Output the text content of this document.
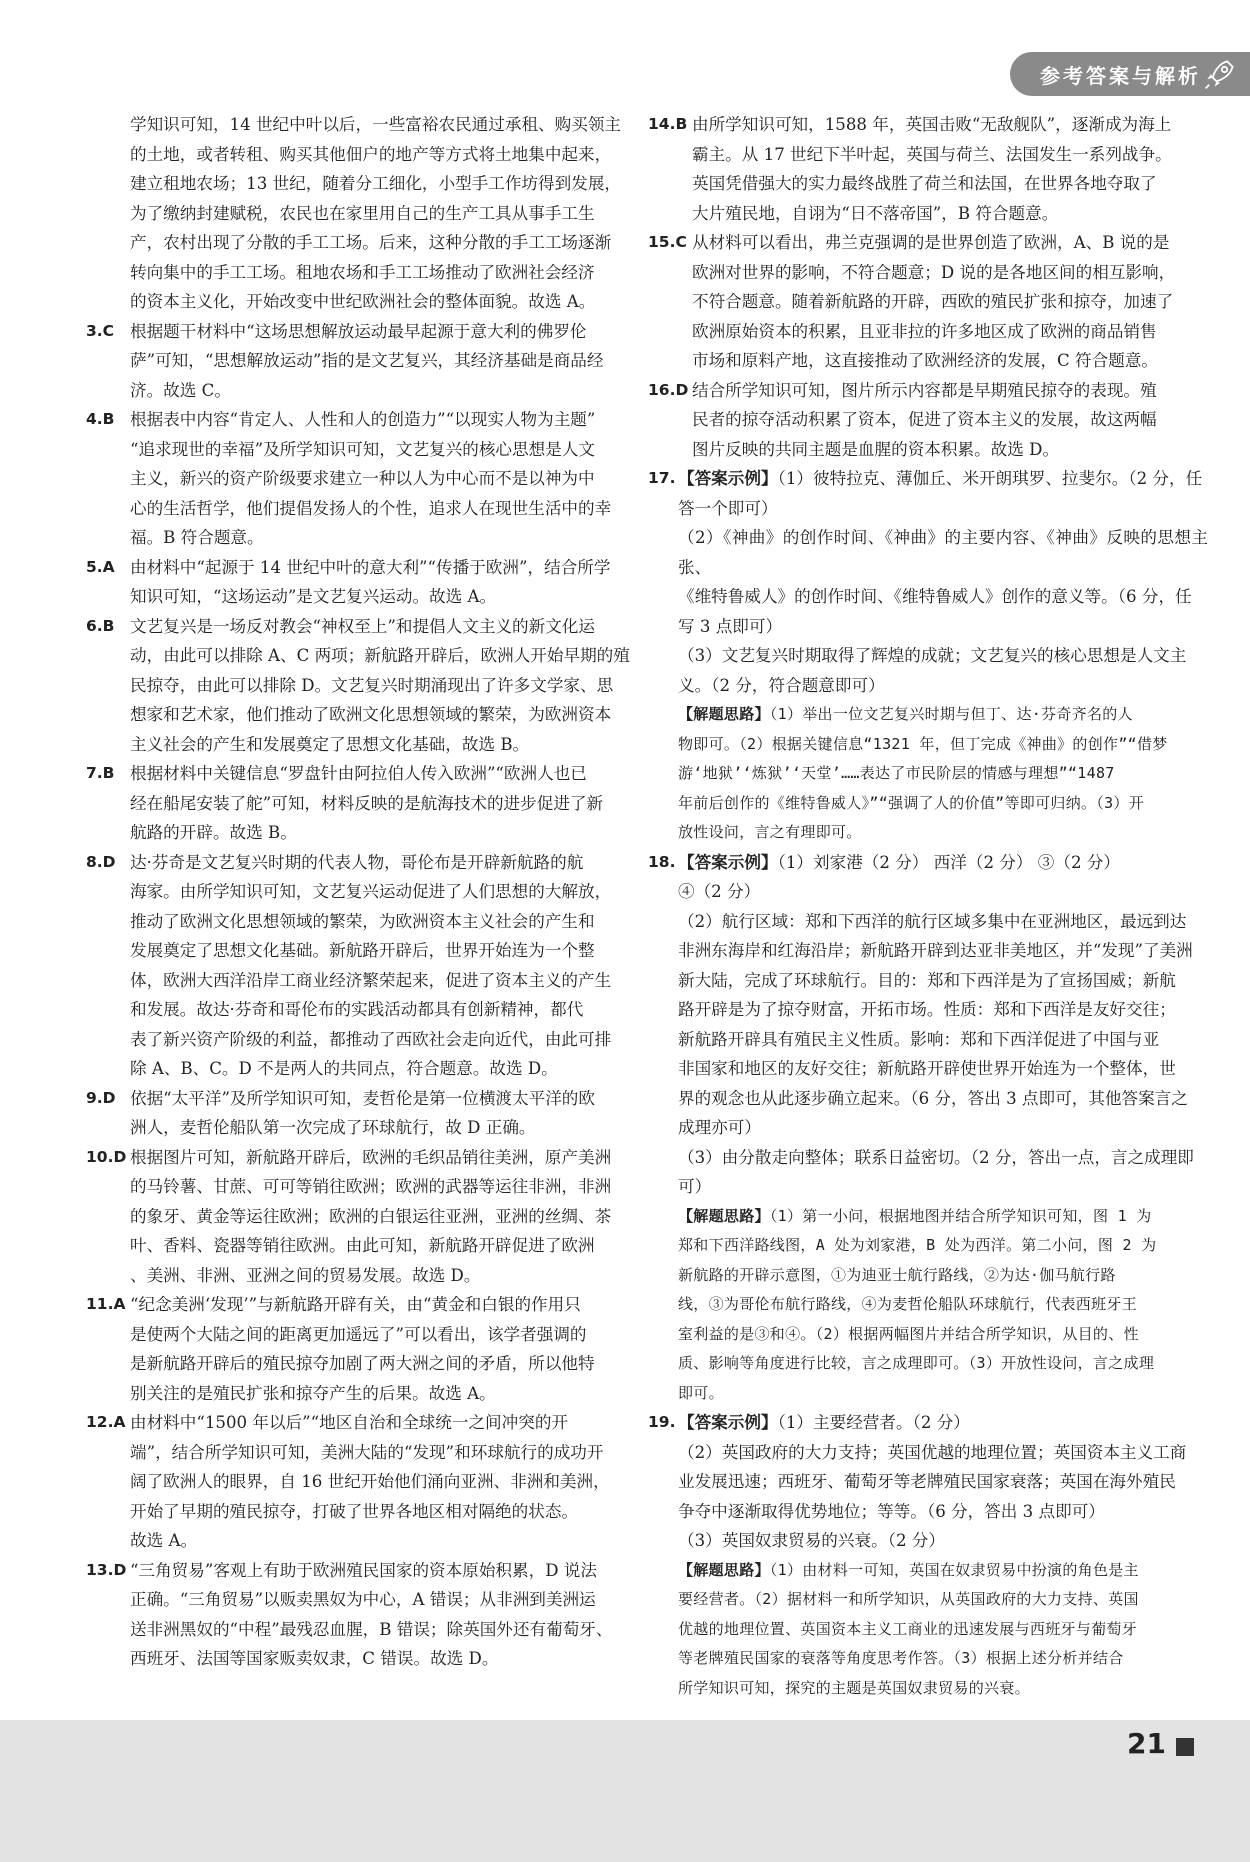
参考答案与解析
学知识可知，14 世纪中叶以后，一些富裕农民通过承租、购买领主
的土地，或者转租、购买其他佃户的地产等方式将土地集中起来，
建立租地农场；13 世纪，随着分工细化，小型手工作坊得到发展，
为了缴纳封建赋税，农民也在家里用自己的生产工具从事手工生
产，农村出现了分散的手工工场。后来，这种分散的手工工场逐渐
转向集中的手工工场。租地农场和手工工场推动了欧洲社会经济
的资本主义化，开始改变中世纪欧洲社会的整体面貌。故选 A。
3.C 根据题干材料中“这场思想解放运动最早起源于意大利的佛罗伦
萨”可知，“思想解放运动”指的是文艺复兴，其经济基础是商品经
济。故选 C。
4.B 根据表中内容“肯定人、人性和人的创造力”“以现实人物为主题”
“追求现世的幸福”及所学知识可知，文艺复兴的核心思想是人文
主义，新兴的资产阶级要求建立一种以人为中心而不是以神为中
心的生活哲学，他们提倡发扬人的个性，追求人在现世生活中的幸
福。B 符合题意。
5.A 由材料中“起源于 14 世纪中叶的意大利”“传播于欧洲”，结合所学
知识可知，“这场运动”是文艺复兴运动。故选 A。
6.B 文艺复兴是一场反对教会“神权至上”和提倡人文主义的新文化运
动，由此可以排除 A、C 两项；新航路开辟后，欧洲人开始早期的殖
民掠夺，由此可以排除 D。文艺复兴时期涌现出了许多文学家、思
想家和艺术家，他们推动了欧洲文化思想领域的繁荣，为欧洲资本
主义社会的产生和发展奠定了思想文化基础，故选 B。
7.B 根据材料中关键信息“罗盘针由阿拉伯人传入欧洲”“欧洲人也已
经在船尾安装了舵”可知，材料反映的是航海技术的进步促进了新
航路的开辟。故选 B。
8.D 达·芬奇是文艺复兴时期的代表人物，哥伦布是开辟新航路的航
海家。由所学知识可知，文艺复兴运动促进了人们思想的大解放，
推动了欧洲文化思想领域的繁荣，为欧洲资本主义社会的产生和
发展奠定了思想文化基础。新航路开辟后，世界开始连为一个整
体，欧洲大西洋沿岸工商业经济繁荣起来，促进了资本主义的产生
和发展。故达·芬奇和哥伦布的实践活动都具有创新精神，都代
表了新兴资产阶级的利益，都推动了西欧社会走向近代，由此可排
除 A、B、C。D 不是两人的共同点，符合题意。故选 D。
9.D 依据“太平洋”及所学知识可知，麦哲伦是第一位横渡太平洋的欧
洲人，麦哲伦船队第一次完成了环球航行，故 D 正确。
10.D 根据图片可知，新航路开辟后，欧洲的毛织品销往美洲，原产美洲
的马铃薯、甘蔗、可可等销往欧洲；欧洲的武器等运往非洲，非洲
的象牙、黄金等运往欧洲；欧洲的白银运往亚洲，亚洲的丝绸、茶
叶、香料、瓷器等销往欧洲。由此可知，新航路开辟促进了欧洲
、美洲、非洲、亚洲之间的贸易发展。故选 D。
11.A “纪念美洲‘发现’”与新航路开辟有关，由“黄金和白银的作用只
是使两个大陆之间的距离更加遥远了”可以看出，该学者强调的
是新航路开辟后的殖民掠夺加剧了两大洲之间的矛盾，所以他特
别关注的是殖民扩张和掠夺产生的后果。故选 A。
12.A 由材料中“1500 年以后”“地区自治和全球统一之间冲突的开
端”，结合所学知识可知，美洲大陆的“发现”和环球航行的成功开
阔了欧洲人的眼界，自 16 世纪开始他们涌向亚洲、非洲和美洲，
开始了早期的殖民掠夺，打破了世界各地区相对隔绝的状态。
故选 A。
13.D “三角贸易”客观上有助于欧洲殖民国家的资本原始积累，D 说法
正确。“三角贸易”以贩卖黑奴为中心，A 错误；从非洲到美洲运
送非洲黑奴的“中程”最残忍血腥，B 错误；除英国外还有葡萄牙、
西班牙、法国等国家贩卖奴隶，C 错误。故选 D。
14.B 由所学知识可知，1588 年，英国击败“无敌舰队”，逐渐成为海上
霸主。从 17 世纪下半叶起，英国与荷兰、法国发生一系列战争。
英国凭借强大的实力最终战胜了荷兰和法国，在世界各地夺取了
大片殖民地，自诩为“日不落帝国”，B 符合题意。
15.C 从材料可以看出，弗兰克强调的是世界创造了欧洲，A、B 说的是
欧洲对世界的影响，不符合题意；D 说的是各地区间的相互影响，
不符合题意。随着新航路的开辟，西欧的殖民扩张和掠夺，加速了
欧洲原始资本的积累，且亚非拉的许多地区成了欧洲的商品销售
市场和原料产地，这直接推动了欧洲经济的发展，C 符合题意。
16.D 结合所学知识可知，图片所示内容都是早期殖民掠夺的表现。殖
民者的掠夺活动积累了资本，促进了资本主义的发展，故这两幅
图片反映的共同主题是血腥的资本积累。故选 D。
17. 【答案示例】（1）彼特拉克、薄伽丘、米开朗琪罗、拉斐尔。（2 分，任
答一个即可）
（2）《神曲》的创作时间、《神曲》的主要内容、《神曲》反映的思想主张、
《维特鲁威人》的创作时间、《维特鲁威人》创作的意义等。（6 分，任
写 3 点即可）
（3）文艺复兴时期取得了辉煌的成就；文艺复兴的核心思想是人文主
义。（2 分，符合题意即可）
【解题思路】（1）举出一位文艺复兴时期与但丁、达·芬奇齐名的人
物即可。（2）根据关键信息“1321 年，但丁完成《神曲》的创作”“借梦
游‘地狱’‘炼狱’‘天堂’……表达了市民阶层的情感与理想”“1487
年前后创作的《维特鲁威人》”“强调了人的价值”等即可归纳。（3）开
放性设问，言之有理即可。
18. 【答案示例】（1）刘家港（2 分） 西洋（2 分） ③（2 分）
④（2 分）
（2）航行区域：郑和下西洋的航行区域多集中在亚洲地区，最远到达
非洲东海岸和红海沿岸；新航路开辟到达亚非美地区，并“发现”了美洲
新大陆，完成了环球航行。目的：郑和下西洋是为了宣扬国威；新航
路开辟是为了掠夺财富，开拓市场。性质：郑和下西洋是友好交往；
新航路开辟具有殖民主义性质。影响：郑和下西洋促进了中国与亚
非国家和地区的友好交往；新航路开辟使世界开始连为一个整体，世
界的观念也从此逐步确立起来。（6 分，答出 3 点即可，其他答案言之
成理亦可）
（3）由分散走向整体；联系日益密切。（2 分，答出一点，言之成理即
可）
【解题思路】（1）第一小问，根据地图并结合所学知识可知，图 1 为
郑和下西洋路线图，A 处为刘家港，B 处为西洋。第二小问，图 2 为
新航路的开辟示意图，①为迪亚士航行路线，②为达·伽马航行路
线，③为哥伦布航行路线，④为麦哲伦船队环球航行，代表西班牙王
室利益的是③和④。（2）根据两幅图片并结合所学知识，从目的、性
质、影响等角度进行比较，言之成理即可。（3）开放性设问，言之成理
即可。
19. 【答案示例】（1）主要经营者。（2 分）
（2）英国政府的大力支持；英国优越的地理位置；英国资本主义工商
业发展迅速；西班牙、葡萄牙等老牌殖民国家衰落；英国在海外殖民
争夺中逐渐取得优势地位；等等。（6 分，答出 3 点即可）
（3）英国奴隶贸易的兴衰。（2 分）
【解题思路】（1）由材料一可知，英国在奴隶贸易中扮演的角色是主
要经营者。（2）据材料一和所学知识，从英国政府的大力支持、英国
优越的地理位置、英国资本主义工商业的迅速发展与西班牙与葡萄牙
等老牌殖民国家的衰落等角度思考作答。（3）根据上述分析并结合
所学知识可知，探究的主题是英国奴隶贸易的兴衰。
21
